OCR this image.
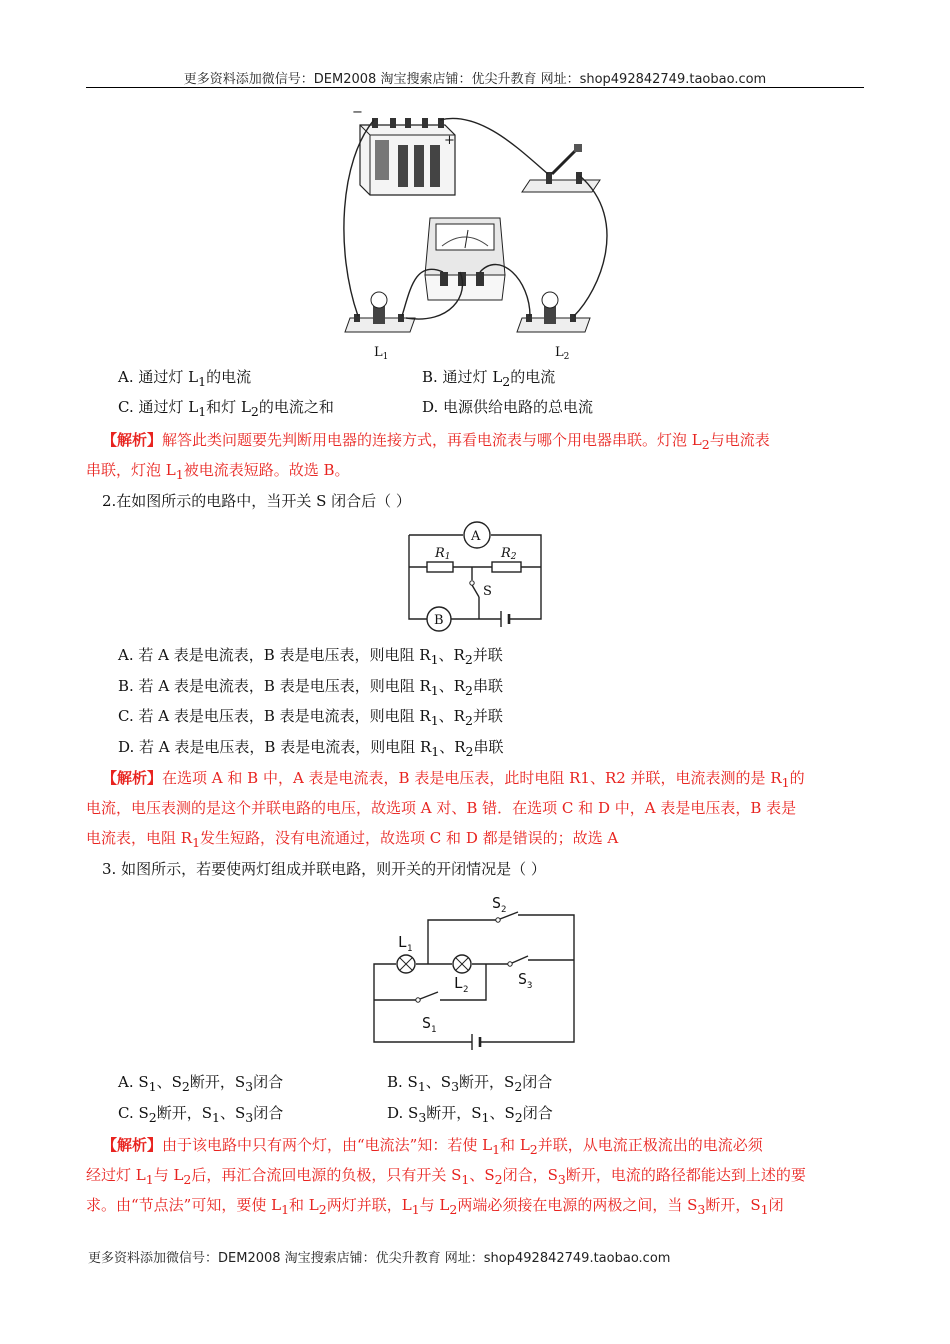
更多资料添加微信号：DEM2008 淘宝搜索店铺：优尖升教育 网址：shop492842749.taobao.com
−
+
$L_1$	$L_2$
A. 通过灯 $L_1$的电流	B. 通过灯 $L_2$的电流
C. 通过灯 $L_1$和灯 $L_2$的电流之和	D. 电源供给电路的总电流
【解析】解答此类问题要先判断用电器的连接方式，再看电流表与哪个用电器串联。灯泡 $L_2$与电流表
串联，灯泡 $L_1$被电流表短路。故选 B。
2.在如图所示的电路中，当开关 S 闭合后（ ）
A
R1	R2
S
B
A. 若 A 表是电流表，B 表是电压表，则电阻 $R_1$、$R_2$并联
B. 若 A 表是电流表，B 表是电压表，则电阻 $R_1$、$R_2$串联
C. 若 A 表是电压表，B 表是电流表，则电阻 $R_1$、$R_2$并联
D. 若 A 表是电压表，B 表是电流表，则电阻 $R_1$、$R_2$串联
【解析】在选项 A 和 B 中，A 表是电流表，B 表是电压表，此时电阻 R1、R2 并联，电流表测的是 $R_1$的
电流，电压表测的是这个并联电路的电压，故选项 A 对、B 错．在选项 C 和 D 中，A 表是电压表，B 表是
电流表，电阻 $R_1$发生短路，没有电流通过，故选项 C 和 D 都是错误的；故选 A
3. 如图所示，若要使两灯组成并联电路，则开关的开闭情况是（ ）
$L_1$
$L_2$
$S_1$
$S_2$
$S_3$
A. $S_1$、$S_2$断开，$S_3$闭合	B. $S_1$、$S_3$断开，$S_2$闭合
C. $S_2$断开，$S_1$、$S_3$闭合	D. $S_3$断开，$S_1$、$S_2$闭合
【解析】由于该电路中只有两个灯，由“电流法”知：若使 $L_1$和 $L_2$并联，从电流正极流出的电流必须
经过灯 $L_1$与 $L_2$后，再汇合流回电源的负极，只有开关 $S_1$、$S_2$闭合，$S_3$断开，电流的路径都能达到上述的要
求。由“节点法”可知，要使 $L_1$和 $L_2$两灯并联，$L_1$与 $L_2$两端必须接在电源的两极之间，当 $S_3$断开，$S_1$闭
更多资料添加微信号：DEM2008 淘宝搜索店铺：优尖升教育 网址：shop492842749.taobao.com
